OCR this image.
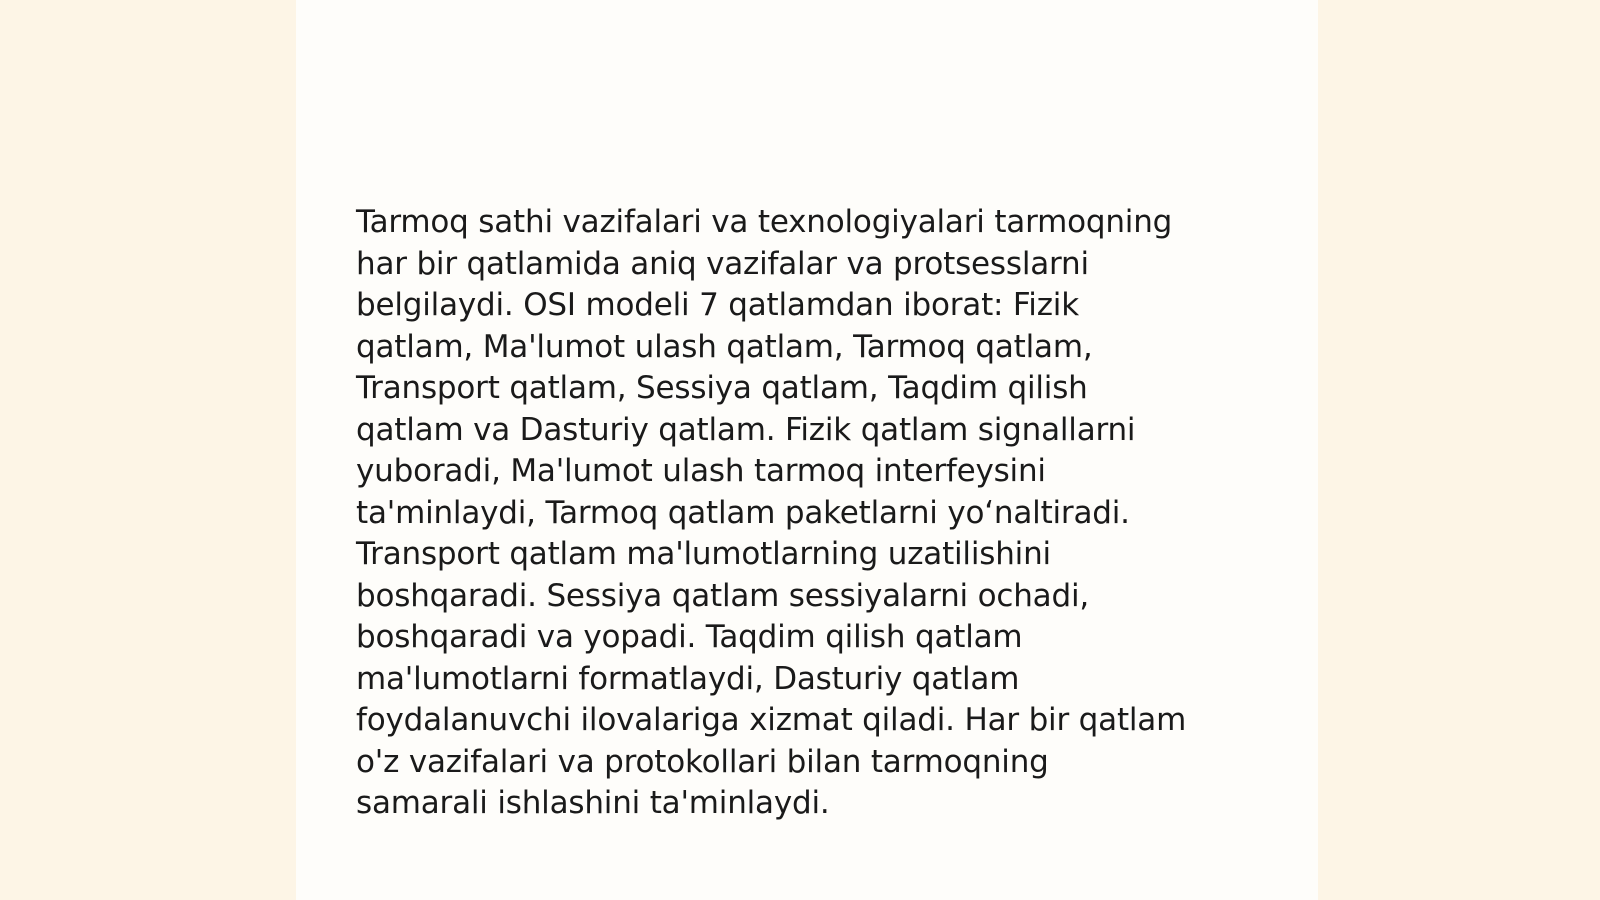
Tarmoq sathi vazifalari va texnologiyalari tarmoqning
har bir qatlamida aniq vazifalar va protsesslarni
belgilaydi. OSI modeli 7 qatlamdan iborat: Fizik
qatlam, Ma'lumot ulash qatlam, Tarmoq qatlam,
Transport qatlam, Sessiya qatlam, Taqdim qilish
qatlam va Dasturiy qatlam. Fizik qatlam signallarni
yuboradi, Ma'lumot ulash tarmoq interfeysini
ta'minlaydi, Tarmoq qatlam paketlarni yo‘naltiradi.
Transport qatlam ma'lumotlarning uzatilishini
boshqaradi. Sessiya qatlam sessiyalarni ochadi,
boshqaradi va yopadi. Taqdim qilish qatlam
ma'lumotlarni formatlaydi, Dasturiy qatlam
foydalanuvchi ilovalariga xizmat qiladi. Har bir qatlam
o'z vazifalari va protokollari bilan tarmoqning
samarali ishlashini ta'minlaydi.
